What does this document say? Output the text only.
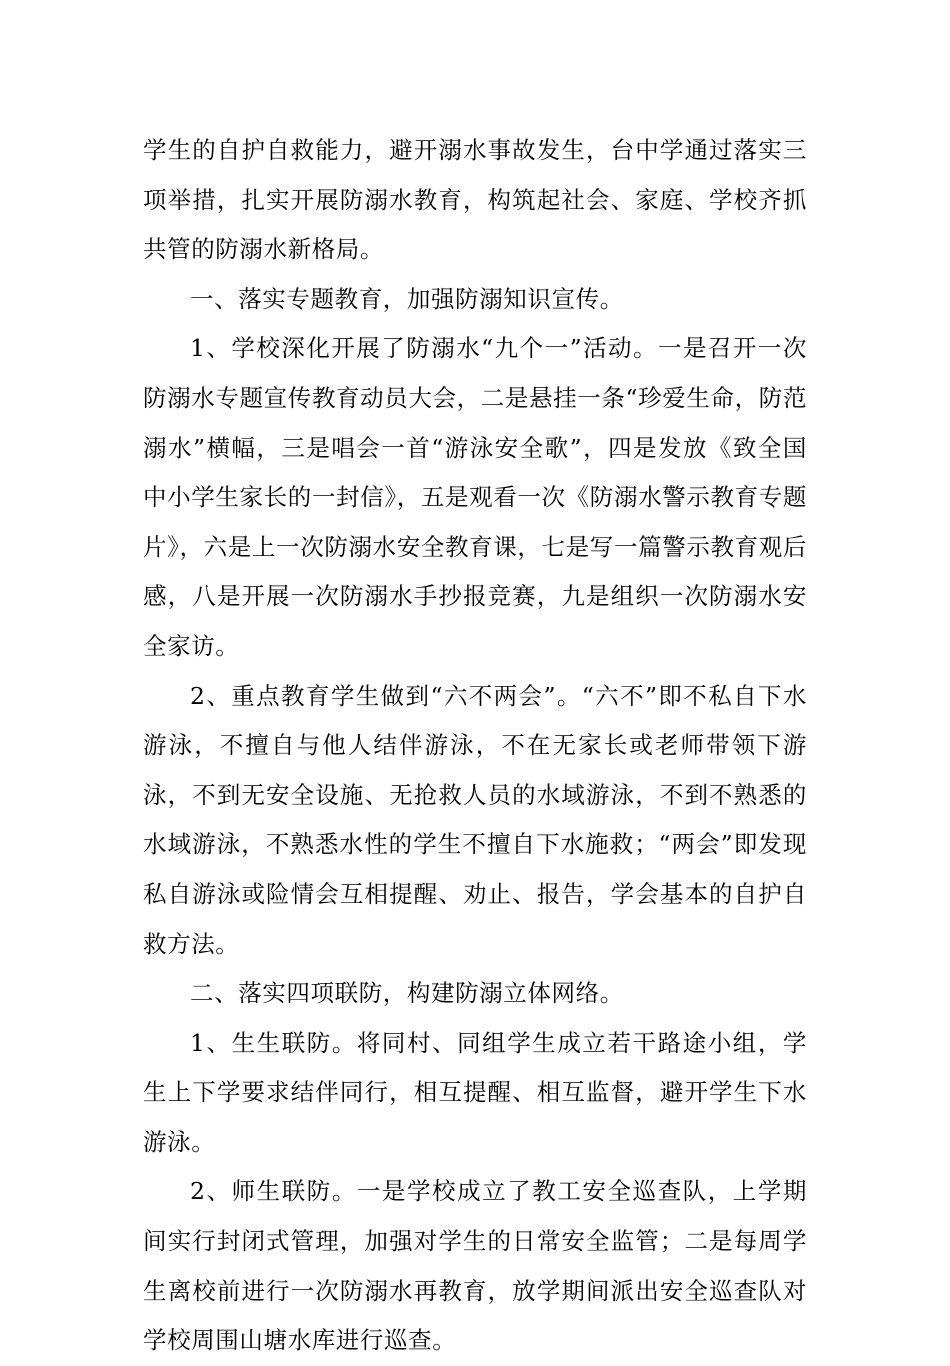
学生的自护自救能力，避开溺水事故发生，台中学通过落实三项举措，扎实开展防溺水教育，构筑起社会、家庭、学校齐抓共管的防溺水新格局。

一、落实专题教育，加强防溺知识宣传。

1、学校深化开展了防溺水“九个一”活动。一是召开一次防溺水专题宣传教育动员大会，二是悬挂一条“珍爱生命，防范溺水”横幅，三是唱会一首“游泳安全歌”，四是发放《致全国中小学生家长的一封信》，五是观看一次《防溺水警示教育专题片》，六是上一次防溺水安全教育课，七是写一篇警示教育观后感，八是开展一次防溺水手抄报竞赛，九是组织一次防溺水安全家访。

2、重点教育学生做到“六不两会”。“六不”即不私自下水游泳，不擅自与他人结伴游泳，不在无家长或老师带领下游泳，不到无安全设施、无抢救人员的水域游泳，不到不熟悉的水域游泳，不熟悉水性的学生不擅自下水施救；“两会”即发现私自游泳或险情会互相提醒、劝止、报告，学会基本的自护自救方法。

二、落实四项联防，构建防溺立体网络。

1、生生联防。将同村、同组学生成立若干路途小组，学生上下学要求结伴同行，相互提醒、相互监督，避开学生下水游泳。

2、师生联防。一是学校成立了教工安全巡查队，上学期间实行封闭式管理，加强对学生的日常安全监管；二是每周学生离校前进行一次防溺水再教育，放学期间派出安全巡查队对学校周围山塘水库进行巡查。
